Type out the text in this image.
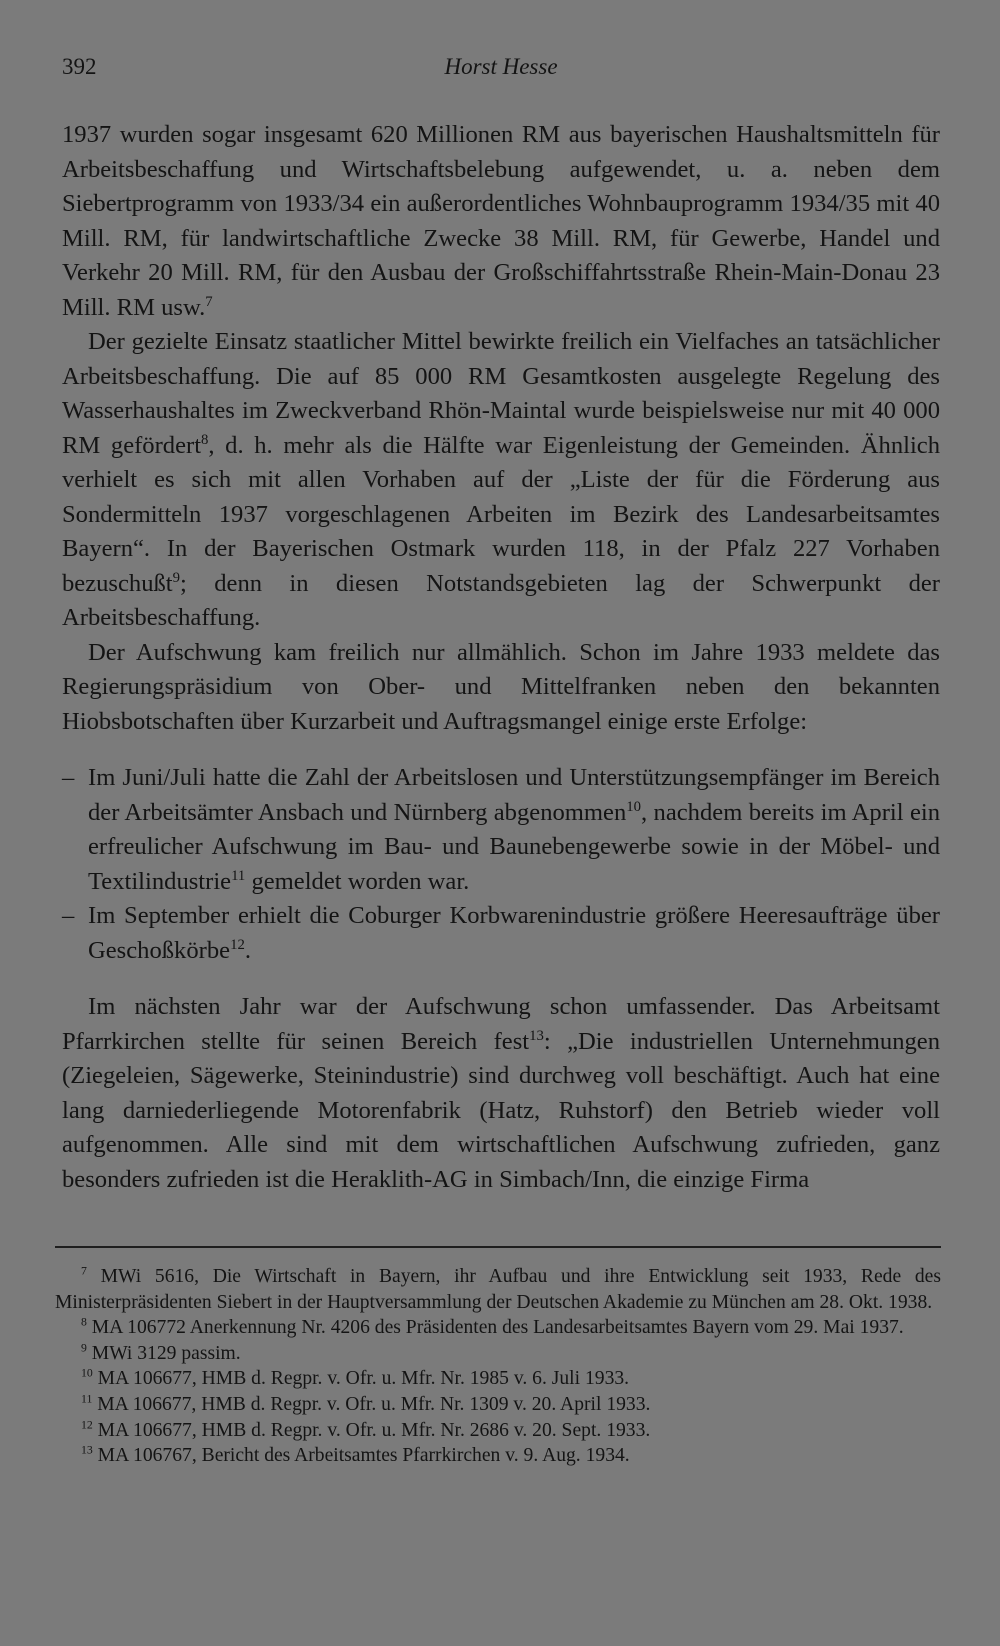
392	Horst Hesse

1937 wurden sogar insgesamt 620 Millionen RM aus bayerischen Haushaltsmitteln für Arbeitsbeschaffung und Wirtschaftsbelebung aufgewendet, u. a. neben dem Siebertprogramm von 1933/34 ein außerordentliches Wohnbauprogramm 1934/35 mit 40 Mill. RM, für landwirtschaftliche Zwecke 38 Mill. RM, für Gewerbe, Handel und Verkehr 20 Mill. RM, für den Ausbau der Großschiffahrtsstraße Rhein-Main-Donau 23 Mill. RM usw.$^7$

Der gezielte Einsatz staatlicher Mittel bewirkte freilich ein Vielfaches an tatsächlicher Arbeitsbeschaffung. Die auf 85 000 RM Gesamtkosten ausgelegte Regelung des Wasserhaushaltes im Zweckverband Rhön-Maintal wurde beispielsweise nur mit 40 000 RM gefördert$^8$, d. h. mehr als die Hälfte war Eigenleistung der Gemeinden. Ähnlich verhielt es sich mit allen Vorhaben auf der „Liste der für die Förderung aus Sondermitteln 1937 vorgeschlagenen Arbeiten im Bezirk des Landesarbeitsamtes Bayern“. In der Bayerischen Ostmark wurden 118, in der Pfalz 227 Vorhaben bezuschußt$^9$; denn in diesen Notstandsgebieten lag der Schwerpunkt der Arbeitsbeschaffung.

Der Aufschwung kam freilich nur allmählich. Schon im Jahre 1933 meldete das Regierungspräsidium von Ober- und Mittelfranken neben den bekannten Hiobsbotschaften über Kurzarbeit und Auftragsmangel einige erste Erfolge:

– Im Juni/Juli hatte die Zahl der Arbeitslosen und Unterstützungsempfänger im Bereich der Arbeitsämter Ansbach und Nürnberg abgenommen$^{10}$, nachdem bereits im April ein erfreulicher Aufschwung im Bau- und Baunebengewerbe sowie in der Möbel- und Textilindustrie$^{11}$ gemeldet worden war.
– Im September erhielt die Coburger Korbwarenindustrie größere Heeresaufträge über Geschoßkörbe$^{12}$.

Im nächsten Jahr war der Aufschwung schon umfassender. Das Arbeitsamt Pfarrkirchen stellte für seinen Bereich fest$^{13}$: „Die industriellen Unternehmungen (Ziegeleien, Sägewerke, Steinindustrie) sind durchweg voll beschäftigt. Auch hat eine lang darniederliegende Motorenfabrik (Hatz, Ruhstorf) den Betrieb wieder voll aufgenommen. Alle sind mit dem wirtschaftlichen Aufschwung zufrieden, ganz besonders zufrieden ist die Heraklith-AG in Simbach/Inn, die einzige Firma

$^7$ MWi 5616, Die Wirtschaft in Bayern, ihr Aufbau und ihre Entwicklung seit 1933, Rede des Ministerpräsidenten Siebert in der Hauptversammlung der Deutschen Akademie zu München am 28. Okt. 1938.

$^8$ MA 106772 Anerkennung Nr. 4206 des Präsidenten des Landesarbeitsamtes Bayern vom 29. Mai 1937.

$^9$ MWi 3129 passim.

$^{10}$ MA 106677, HMB d. Regpr. v. Ofr. u. Mfr. Nr. 1985 v. 6. Juli 1933.

$^{11}$ MA 106677, HMB d. Regpr. v. Ofr. u. Mfr. Nr. 1309 v. 20. April 1933.

$^{12}$ MA 106677, HMB d. Regpr. v. Ofr. u. Mfr. Nr. 2686 v. 20. Sept. 1933.

$^{13}$ MA 106767, Bericht des Arbeitsamtes Pfarrkirchen v. 9. Aug. 1934.
